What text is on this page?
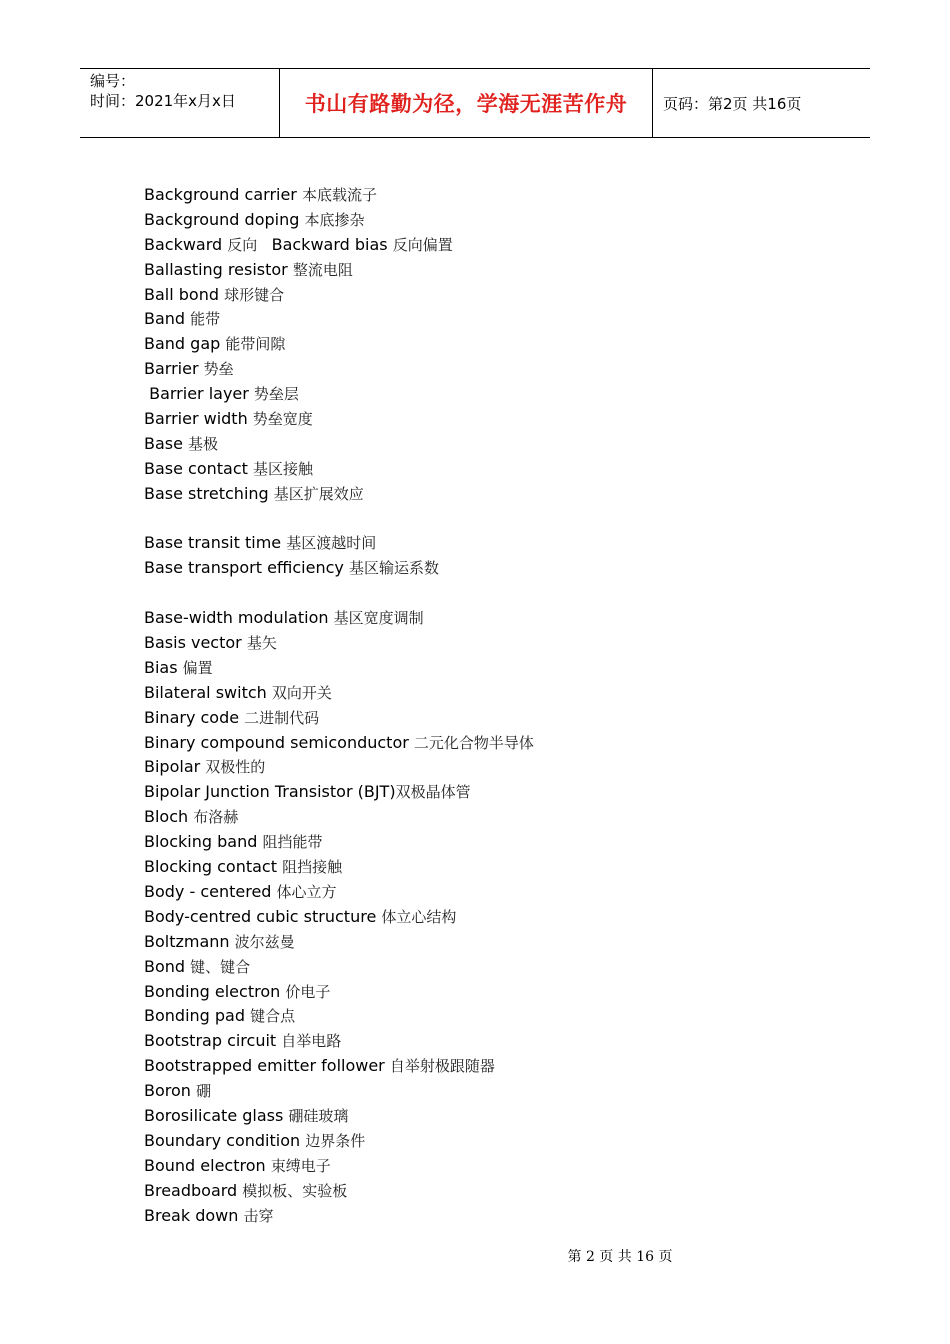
编号：
时间：2021年x月x日	书山有路勤为径，学海无涯苦作舟	页码：第2页 共16页
Background carrier 本底载流子
Background doping 本底掺杂
Backward 反向   Backward bias 反向偏置
Ballasting resistor 整流电阻
Ball bond 球形键合
Band 能带
Band gap 能带间隙
Barrier 势垒
Barrier layer 势垒层
Barrier width 势垒宽度
Base 基极
Base contact 基区接触
Base stretching 基区扩展效应
Base transit time 基区渡越时间
Base transport efficiency 基区输运系数
Base-width modulation 基区宽度调制
Basis vector 基矢
Bias 偏置
Bilateral switch 双向开关
Binary code 二进制代码
Binary compound semiconductor 二元化合物半导体
Bipolar 双极性的
Bipolar Junction Transistor (BJT)双极晶体管
Bloch 布洛赫
Blocking band 阻挡能带
Blocking contact 阻挡接触
Body - centered 体心立方
Body-centred cubic structure 体立心结构
Boltzmann 波尔兹曼
Bond 键、键合
Bonding electron 价电子
Bonding pad 键合点
Bootstrap circuit 自举电路
Bootstrapped emitter follower 自举射极跟随器
Boron 硼
Borosilicate glass 硼硅玻璃
Boundary condition 边界条件
Bound electron 束缚电子
Breadboard 模拟板、实验板
Break down 击穿
第 2 页 共 16 页
